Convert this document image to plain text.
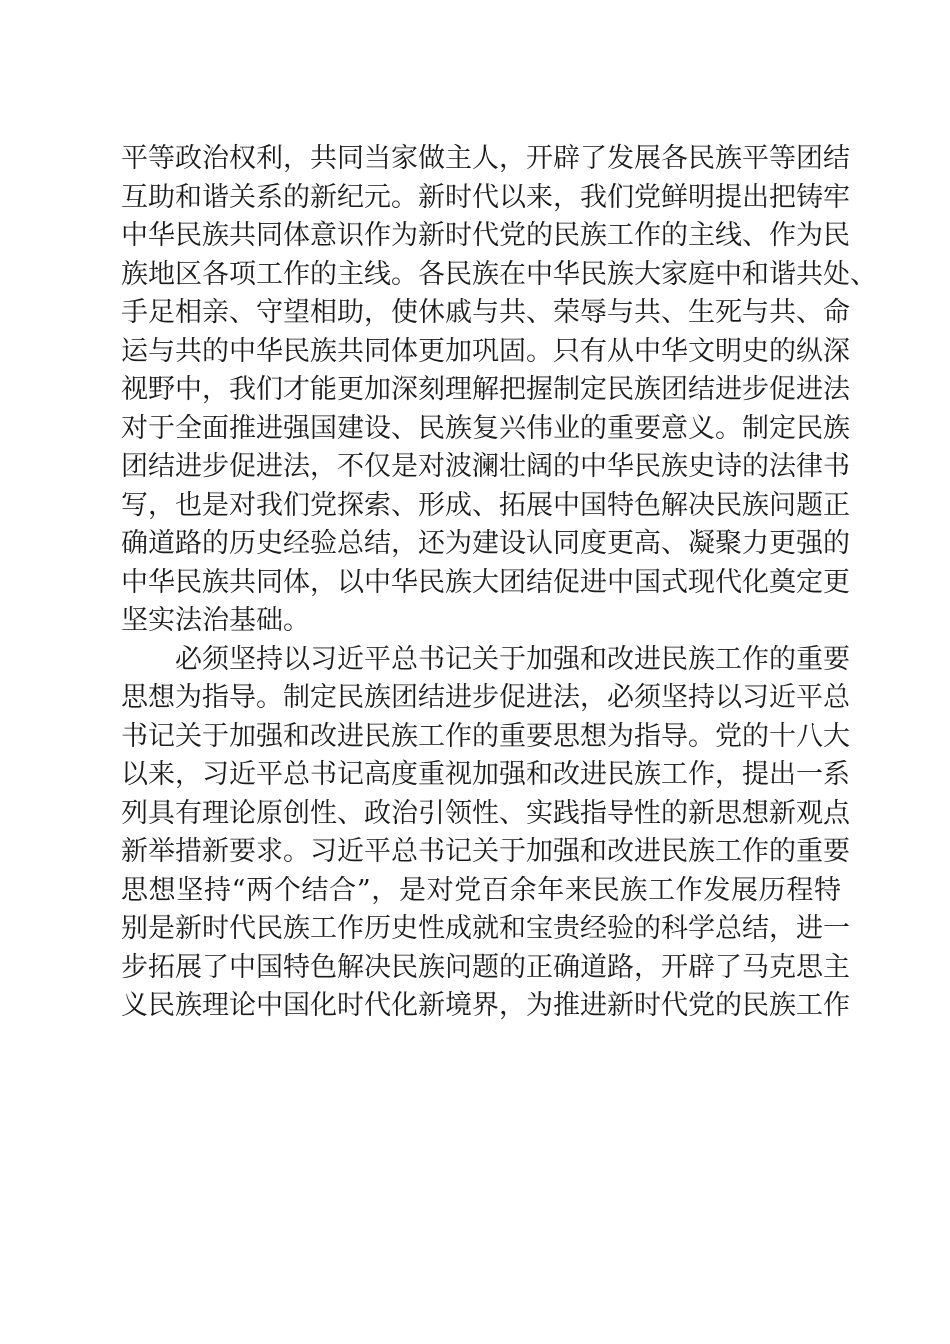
平等政治权利，共同当家做主人，开辟了发展各民族平等团结
互助和谐关系的新纪元。新时代以来，我们党鲜明提出把铸牢
中华民族共同体意识作为新时代党的民族工作的主线、作为民
族地区各项工作的主线。各民族在中华民族大家庭中和谐共处、
手足相亲、守望相助，使休戚与共、荣辱与共、生死与共、命
运与共的中华民族共同体更加巩固。只有从中华文明史的纵深
视野中，我们才能更加深刻理解把握制定民族团结进步促进法
对于全面推进强国建设、民族复兴伟业的重要意义。制定民族
团结进步促进法，不仅是对波澜壮阔的中华民族史诗的法律书
写，也是对我们党探索、形成、拓展中国特色解决民族问题正
确道路的历史经验总结，还为建设认同度更高、凝聚力更强的
中华民族共同体，以中华民族大团结促进中国式现代化奠定更
坚实法治基础。
必须坚持以习近平总书记关于加强和改进民族工作的重要
思想为指导。制定民族团结进步促进法，必须坚持以习近平总
书记关于加强和改进民族工作的重要思想为指导。党的十八大
以来，习近平总书记高度重视加强和改进民族工作，提出一系
列具有理论原创性、政治引领性、实践指导性的新思想新观点
新举措新要求。习近平总书记关于加强和改进民族工作的重要
思想坚持“两个结合”，是对党百余年来民族工作发展历程特
别是新时代民族工作历史性成就和宝贵经验的科学总结，进一
步拓展了中国特色解决民族问题的正确道路，开辟了马克思主
义民族理论中国化时代化新境界，为推进新时代党的民族工作
